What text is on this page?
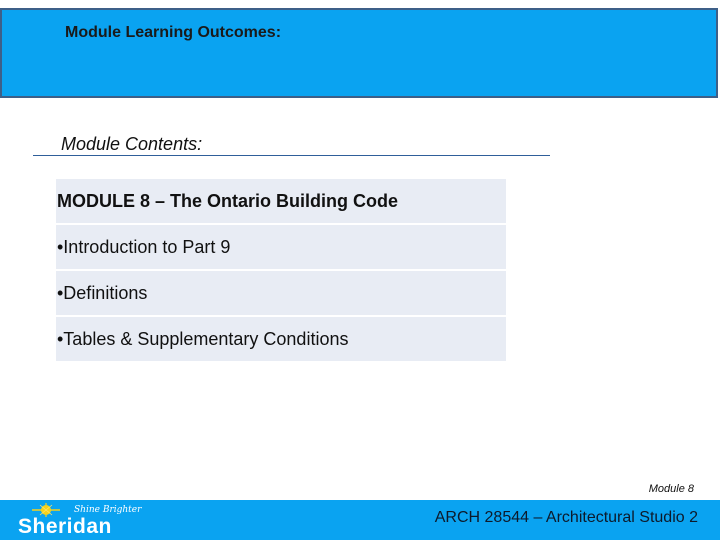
Module Learning Outcomes:
Module Contents:
MODULE 8 – The Ontario Building Code
•Introduction to Part 9
•Definitions
•Tables & Supplementary Conditions
Module 8
Shine Brighter
Sheridan	ARCH 28544 – Architectural Studio 2
